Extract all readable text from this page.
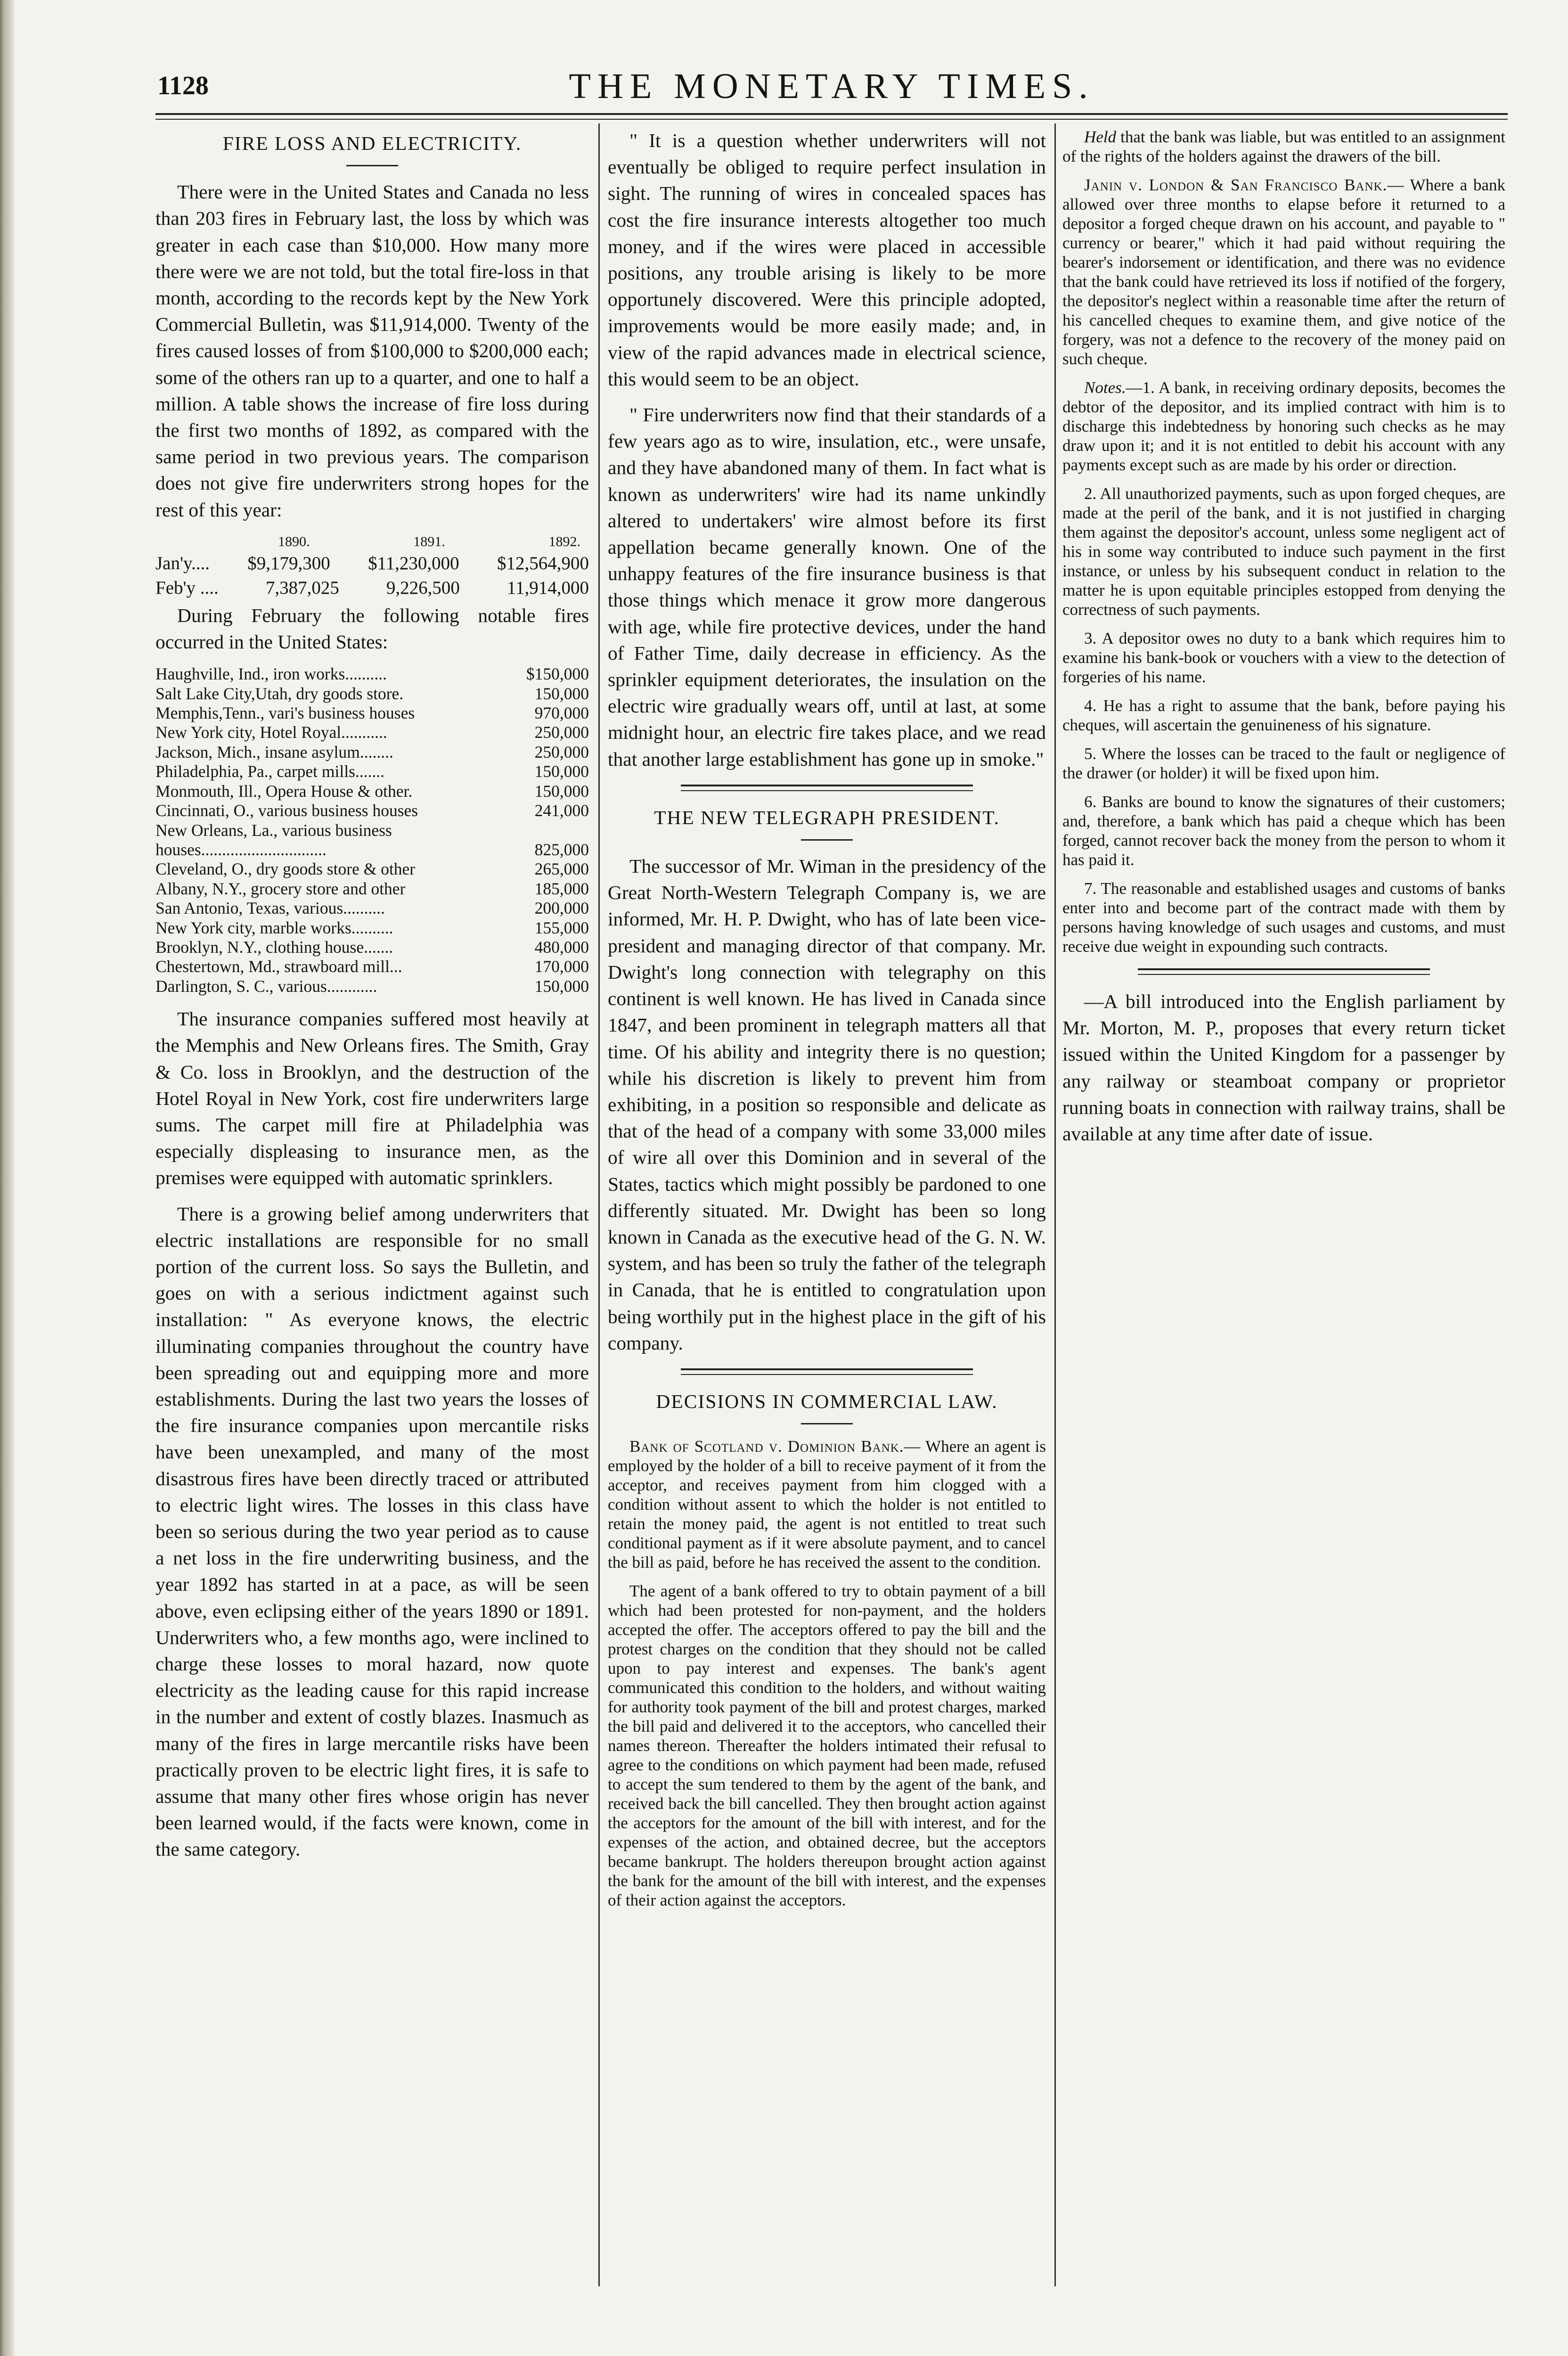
1128	THE MONETARY TIMES.
FIRE LOSS AND ELECTRICITY.

There were in the United States and Canada no less than 203 fires in February last, the loss by which was greater in each case than $10,000. How many more there were we are not told, but the total fire-loss in that month, according to the records kept by the New York Commercial Bulletin, was $11,914,000. Twenty of the fires caused losses of from $100,000 to $200,000 each; some of the others ran up to a quarter, and one to half a million. A table shows the increase of fire loss during the first two months of 1892, as compared with the same period in two previous years. The comparison does not give fire underwriters strong hopes for the rest of this year:

1890.	1891.	1892.
Jan'y.... $9,179,300 $11,230,000 $12,564,900
Feb'y ....	7,387,025	9,226,500	11,914,000

During February the following notable fires occurred in the United States:

Haughville, Ind., iron works..........	$150,000
Salt Lake City,Utah, dry goods store.	150,000
Memphis,Tenn., vari's business houses	970,000
New York city, Hotel Royal...........	250,000
Jackson, Mich., insane asylum........	250,000
Philadelphia, Pa., carpet mills.......	150,000
Monmouth, Ill., Opera House & other.	150,000
Cincinnati, O., various business houses	241,000
New Orleans, La., various business
houses..............................	825,000
Cleveland, O., dry goods store & other	265,000
Albany, N.Y., grocery store and other	185,000
San Antonio, Texas, various..........	200,000
New York city, marble works..........	155,000
Brooklyn, N.Y., clothing house.......	480,000
Chestertown, Md., strawboard mill...	170,000
Darlington, S. C., various............	150,000

The insurance companies suffered most heavily at the Memphis and New Orleans fires. The Smith, Gray & Co. loss in Brooklyn, and the destruction of the Hotel Royal in New York, cost fire underwriters large sums. The carpet mill fire at Philadelphia was especially displeasing to insurance men, as the premises were equipped with automatic sprinklers.

There is a growing belief among underwriters that electric installations are responsible for no small portion of the current loss. So says the Bulletin, and goes on with a serious indictment against such installation: " As everyone knows, the electric illuminating companies throughout the country have been spreading out and equipping more and more establishments. During the last two years the losses of the fire insurance companies upon mercantile risks have been unexampled, and many of the most disastrous fires have been directly traced or attributed to electric light wires. The losses in this class have been so serious during the two year period as to cause a net loss in the fire underwriting business, and the year 1892 has started in at a pace, as will be seen above, even eclipsing either of the years 1890 or 1891. Underwriters who, a few months ago, were inclined to charge these losses to moral hazard, now quote electricity as the leading cause for this rapid increase in the number and extent of costly blazes. Inasmuch as many of the fires in large mercantile risks have been practically proven to be electric light fires, it is safe to assume that many other fires whose origin has never been learned would, if the facts were known, come in the same category.

" It is a question whether underwriters will not eventually be obliged to require perfect insulation in sight. The running of wires in concealed spaces has cost the fire insurance interests altogether too much money, and if the wires were placed in accessible positions, any trouble arising is likely to be more opportunely discovered. Were this principle adopted, improvements would be more easily made; and, in view of the rapid advances made in electrical science, this would seem to be an object.

" Fire underwriters now find that their standards of a few years ago as to wire, insulation, etc., were unsafe, and they have abandoned many of them. In fact what is known as underwriters' wire had its name unkindly altered to undertakers' wire almost before its first appellation became generally known. One of the unhappy features of the fire insurance business is that those things which menace it grow more dangerous with age, while fire protective devices, under the hand of Father Time, daily decrease in efficiency. As the sprinkler equipment deteriorates, the insulation on the electric wire gradually wears off, until at last, at some midnight hour, an electric fire takes place, and we read that another large establishment has gone up in smoke."

THE NEW TELEGRAPH PRESIDENT.

The successor of Mr. Wiman in the presidency of the Great North-Western Telegraph Company is, we are informed, Mr. H. P. Dwight, who has of late been vice-president and managing director of that company. Mr. Dwight's long connection with telegraphy on this continent is well known. He has lived in Canada since 1847, and been prominent in telegraph matters all that time. Of his ability and integrity there is no question; while his discretion is likely to prevent him from exhibiting, in a position so responsible and delicate as that of the head of a company with some 33,000 miles of wire all over this Dominion and in several of the States, tactics which might possibly be pardoned to one differently situated. Mr. Dwight has been so long known in Canada as the executive head of the G. N. W. system, and has been so truly the father of the telegraph in Canada, that he is entitled to congratulation upon being worthily put in the highest place in the gift of his company.

DECISIONS IN COMMERCIAL LAW.

Bank of Scotland v. Dominion Bank.— Where an agent is employed by the holder of a bill to receive payment of it from the acceptor, and receives payment from him clogged with a condition without assent to which the holder is not entitled to retain the money paid, the agent is not entitled to treat such conditional payment as if it were absolute payment, and to cancel the bill as paid, before he has received the assent to the condition.

The agent of a bank offered to try to obtain payment of a bill which had been protested for non-payment, and the holders accepted the offer. The acceptors offered to pay the bill and the protest charges on the condition that they should not be called upon to pay interest and expenses. The bank's agent communicated this condition to the holders, and without waiting for authority took payment of the bill and protest charges, marked the bill paid and delivered it to the acceptors, who cancelled their names thereon. Thereafter the holders intimated their refusal to agree to the conditions on which payment had been made, refused to accept the sum tendered to them by the agent of the bank, and received back the bill cancelled. They then brought action against the acceptors for the amount of the bill with interest, and for the expenses of the action, and obtained decree, but the acceptors became bankrupt. The holders thereupon brought action against the bank for the amount of the bill with interest, and the expenses of their action against the acceptors.

Held that the bank was liable, but was entitled to an assignment of the rights of the holders against the drawers of the bill.

Janin v. London & San Francisco Bank.— Where a bank allowed over three months to elapse before it returned to a depositor a forged cheque drawn on his account, and payable to " currency or bearer," which it had paid without requiring the bearer's indorsement or identification, and there was no evidence that the bank could have retrieved its loss if notified of the forgery, the depositor's neglect within a reasonable time after the return of his cancelled cheques to examine them, and give notice of the forgery, was not a defence to the recovery of the money paid on such cheque.

Notes.—1. A bank, in receiving ordinary deposits, becomes the debtor of the depositor, and its implied contract with him is to discharge this indebtedness by honoring such checks as he may draw upon it; and it is not entitled to debit his account with any payments except such as are made by his order or direction.

2. All unauthorized payments, such as upon forged cheques, are made at the peril of the bank, and it is not justified in charging them against the depositor's account, unless some negligent act of his in some way contributed to induce such payment in the first instance, or unless by his subsequent conduct in relation to the matter he is upon equitable principles estopped from denying the correctness of such payments.

3. A depositor owes no duty to a bank which requires him to examine his bank-book or vouchers with a view to the detection of forgeries of his name.

4. He has a right to assume that the bank, before paying his cheques, will ascertain the genuineness of his signature.

5. Where the losses can be traced to the fault or negligence of the drawer (or holder) it will be fixed upon him.

6. Banks are bound to know the signatures of their customers; and, therefore, a bank which has paid a cheque which has been forged, cannot recover back the money from the person to whom it has paid it.

7. The reasonable and established usages and customs of banks enter into and become part of the contract made with them by persons having knowledge of such usages and customs, and must receive due weight in expounding such contracts.

—A bill introduced into the English parliament by Mr. Morton, M. P., proposes that every return ticket issued within the United Kingdom for a passenger by any railway or steamboat company or proprietor running boats in connection with railway trains, shall be available at any time after date of issue.
